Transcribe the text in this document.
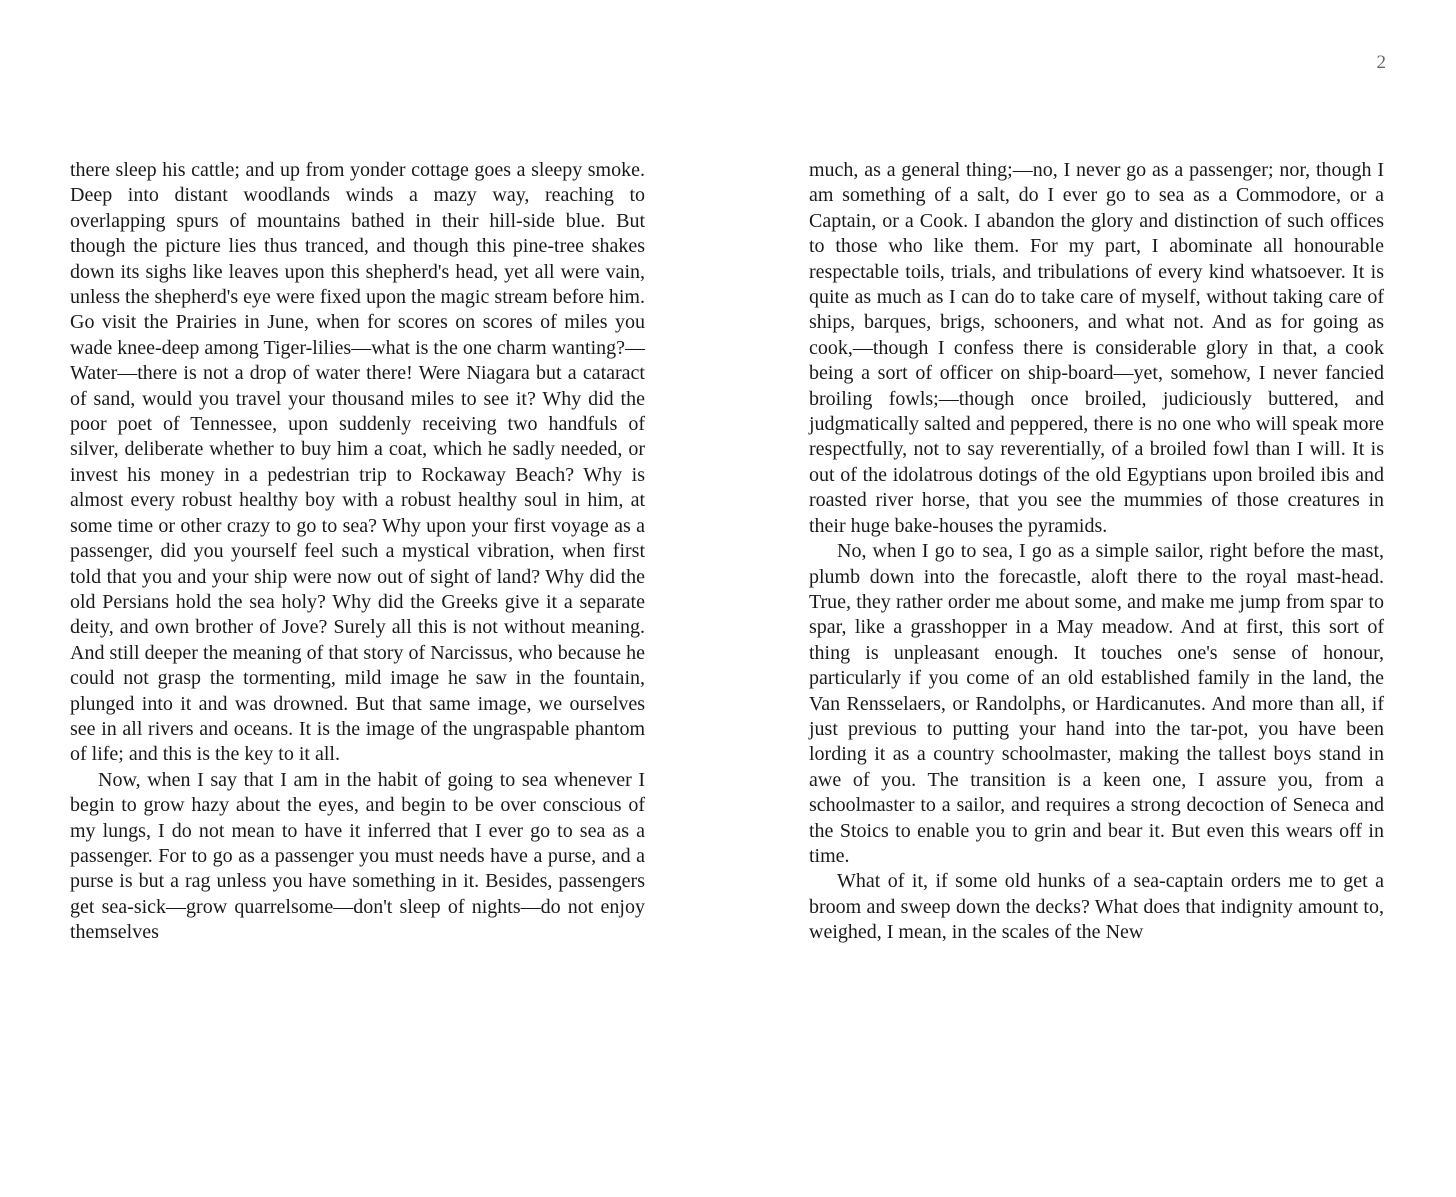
2

there sleep his cattle; and up from yonder cottage goes a sleepy smoke. Deep into distant woodlands winds a mazy way, reaching to overlapping spurs of mountains bathed in their hill-side blue. But though the picture lies thus tranced, and though this pine-tree shakes down its sighs like leaves upon this shepherd's head, yet all were vain, unless the shepherd's eye were fixed upon the magic stream before him. Go visit the Prairies in June, when for scores on scores of miles you wade knee-deep among Tiger-lilies—what is the one charm wanting?—Water—there is not a drop of water there! Were Niagara but a cataract of sand, would you travel your thousand miles to see it? Why did the poor poet of Tennessee, upon suddenly receiving two handfuls of silver, deliberate whether to buy him a coat, which he sadly needed, or invest his money in a pedestrian trip to Rockaway Beach? Why is almost every robust healthy boy with a robust healthy soul in him, at some time or other crazy to go to sea? Why upon your first voyage as a passenger, did you yourself feel such a mystical vibration, when first told that you and your ship were now out of sight of land? Why did the old Persians hold the sea holy? Why did the Greeks give it a separate deity, and own brother of Jove? Surely all this is not without meaning. And still deeper the meaning of that story of Narcissus, who because he could not grasp the tormenting, mild image he saw in the fountain, plunged into it and was drowned. But that same image, we ourselves see in all rivers and oceans. It is the image of the ungraspable phantom of life; and this is the key to it all.

Now, when I say that I am in the habit of going to sea whenever I begin to grow hazy about the eyes, and begin to be over conscious of my lungs, I do not mean to have it inferred that I ever go to sea as a passenger. For to go as a passenger you must needs have a purse, and a purse is but a rag unless you have something in it. Besides, passengers get sea-sick—grow quarrelsome—don't sleep of nights—do not enjoy themselves

much, as a general thing;—no, I never go as a passenger; nor, though I am something of a salt, do I ever go to sea as a Commodore, or a Captain, or a Cook. I abandon the glory and distinction of such offices to those who like them. For my part, I abominate all honourable respectable toils, trials, and tribulations of every kind whatsoever. It is quite as much as I can do to take care of myself, without taking care of ships, barques, brigs, schooners, and what not. And as for going as cook,—though I confess there is considerable glory in that, a cook being a sort of officer on ship-board—yet, somehow, I never fancied broiling fowls;—though once broiled, judiciously buttered, and judgmatically salted and peppered, there is no one who will speak more respectfully, not to say reverentially, of a broiled fowl than I will. It is out of the idolatrous dotings of the old Egyptians upon broiled ibis and roasted river horse, that you see the mummies of those creatures in their huge bake-houses the pyramids.

No, when I go to sea, I go as a simple sailor, right before the mast, plumb down into the forecastle, aloft there to the royal mast-head. True, they rather order me about some, and make me jump from spar to spar, like a grasshopper in a May meadow. And at first, this sort of thing is unpleasant enough. It touches one's sense of honour, particularly if you come of an old established family in the land, the Van Rensselaers, or Randolphs, or Hardicanutes. And more than all, if just previous to putting your hand into the tar-pot, you have been lording it as a country schoolmaster, making the tallest boys stand in awe of you. The transition is a keen one, I assure you, from a schoolmaster to a sailor, and requires a strong decoction of Seneca and the Stoics to enable you to grin and bear it. But even this wears off in time.

What of it, if some old hunks of a sea-captain orders me to get a broom and sweep down the decks? What does that indignity amount to, weighed, I mean, in the scales of the New
